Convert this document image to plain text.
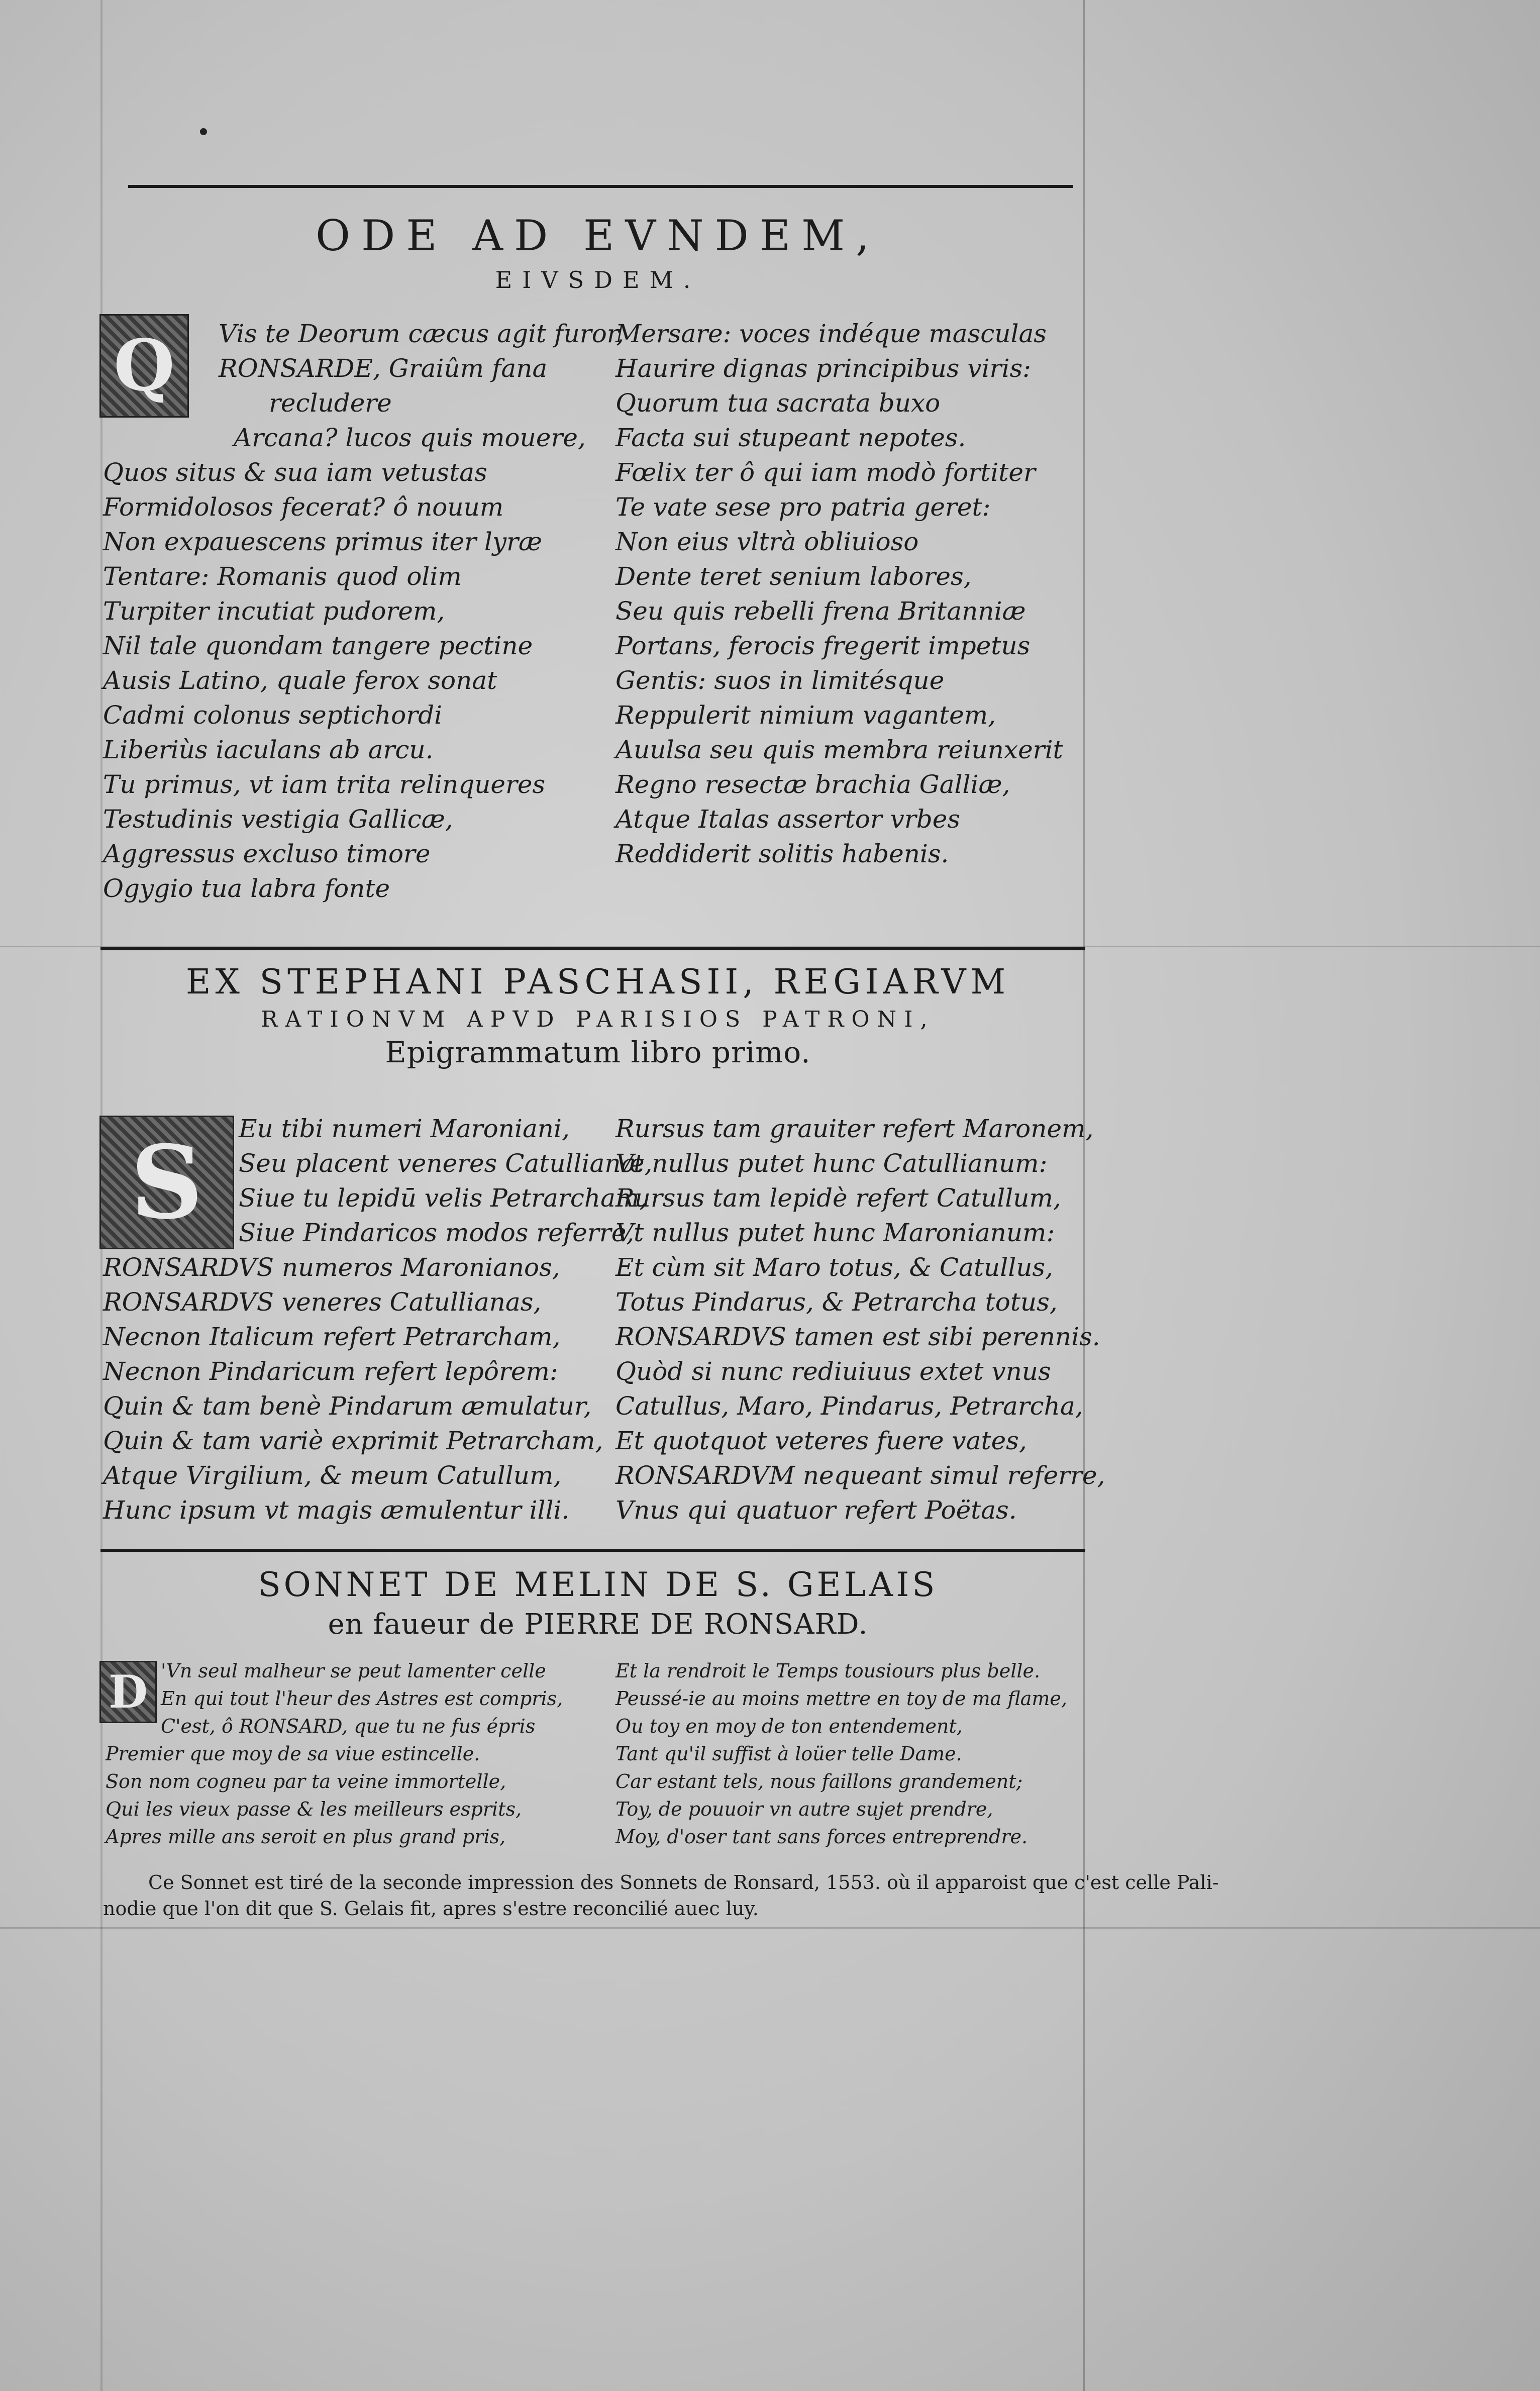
ODE AD EVNDEM,
EIVSDEM.
Q	Vis te Deorum cæcus agit furor,
RONSARDE, Graiûm fana
recludere
Arcana? lucos quis mouere,
Quos situs & sua iam vetustas
Formidolosos fecerat? ô nouum
Non expauescens primus iter lyræ
Tentare: Romanis quod olim
Turpiter incutiat pudorem,
Nil tale quondam tangere pectine
Ausis Latino, quale ferox sonat
Cadmi colonus septichordi
Liberiùs iaculans ab arcu.
Tu primus, vt iam trita relinqueres
Testudinis vestigia Gallicæ,
Aggressus excluso timore
Ogygio tua labra fonte
Mersare: voces indéque masculas
Haurire dignas principibus viris:
Quorum tua sacrata buxo
Facta sui stupeant nepotes.
Fœlix ter ô qui iam modò fortiter
Te vate sese pro patria geret:
Non eius vltrà obliuioso
Dente teret senium labores,
Seu quis rebelli frena Britanniæ
Portans, ferocis fregerit impetus
Gentis: suos in limitésque
Reppulerit nimium vagantem,
Auulsa seu quis membra reiunxerit
Regno resectæ brachia Galliæ,
Atque Italas assertor vrbes
Reddiderit solitis habenis.
EX STEPHANI PASCHASII, REGIARVM
RATIONVM APVD PARISIOS PATRONI,
Epigrammatum libro primo.
S	Eu tibi numeri Maroniani,
Seu placent veneres Catullianæ,
Siue tu lepidū velis Petrarcham,
Siue Pindaricos modos referre,
RONSARDVS numeros Maronianos,
RONSARDVS veneres Catullianas,
Necnon Italicum refert Petrarcham,
Necnon Pindaricum refert lepôrem:
Quin & tam benè Pindarum æmulatur,
Quin & tam variè exprimit Petrarcham,
Atque Virgilium, & meum Catullum,
Hunc ipsum vt magis æmulentur illi.
Rursus tam grauiter refert Maronem,
Vt nullus putet hunc Catullianum:
Rursus tam lepidè refert Catullum,
Vt nullus putet hunc Maronianum:
Et cùm sit Maro totus, & Catullus,
Totus Pindarus, & Petrarcha totus,
RONSARDVS tamen est sibi perennis.
Quòd si nunc rediuiuus extet vnus
Catullus, Maro, Pindarus, Petrarcha,
Et quotquot veteres fuere vates,
RONSARDVM nequeant simul referre,
Vnus qui quatuor refert Poëtas.
SONNET DE MELIN DE S. GELAIS
en faueur de PIERRE DE RONSARD.
D 'Vn seul malheur se peut lamenter celle
En qui tout l'heur des Astres est compris,
C'est, ô RONSARD, que tu ne fus épris
Premier que moy de sa viue estincelle.
Son nom cogneu par ta veine immortelle,
Qui les vieux passe & les meilleurs esprits,
Apres mille ans seroit en plus grand pris,
Et la rendroit le Temps tousiours plus belle.
Peussé-ie au moins mettre en toy de ma flame,
Ou toy en moy de ton entendement,
Tant qu'il suffist à loüer telle Dame.
Car estant tels, nous faillons grandement;
Toy, de pouuoir vn autre sujet prendre,
Moy, d'oser tant sans forces entreprendre.
Ce Sonnet est tiré de la seconde impression des Sonnets de Ronsard, 1553. où il apparoist que c'est celle Pali-
nodie que l'on dit que S. Gelais fit, apres s'estre reconcilié auec luy.
